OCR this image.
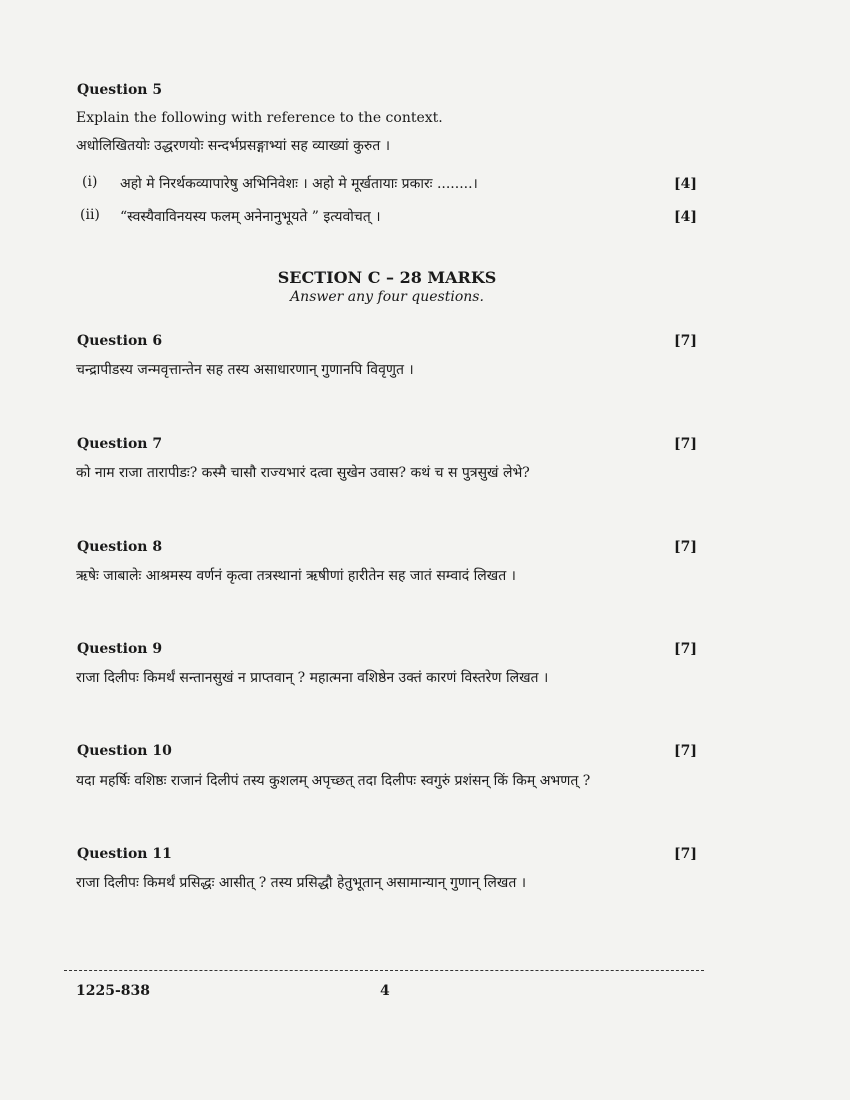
Question 5
Explain the following with reference to the context.
अधोलिखितयोः उद्धरणयोः सन्दर्भप्रसङ्गाभ्यां सह व्याख्यां कुरुत ।
(i) अहो मे निरर्थकव्यापारेषु अभिनिवेशः । अहो मे मूर्खतायाः प्रकारः ........।	[4]
(ii) “स्वस्यैवाविनयस्य फलम् अनेनानुभूयते ” इत्यवोचत् ।	[4]
SECTION C – 28 MARKS
Answer any four questions.
Question 6	[7]
चन्द्रापीडस्य जन्मवृत्तान्तेन सह तस्य असाधारणान् गुणानपि विवृणुत ।
Question 7	[7]
को नाम राजा तारापीडः? कस्मै चासौ राज्यभारं दत्वा सुखेन उवास? कथं च स पुत्रसुखं लेभे?
Question 8	[7]
ऋषेः जाबालेः आश्रमस्य वर्णनं कृत्वा तत्रस्थानां ऋषीणां हारीतेन सह जातं सम्वादं लिखत ।
Question 9	[7]
राजा दिलीपः किमर्थं सन्तानसुखं न प्राप्तवान् ? महात्मना वशिष्ठेन उक्तं कारणं विस्तरेण लिखत ।
Question 10	[7]
यदा महर्षिः वशिष्ठः राजानं दिलीपं तस्य कुशलम् अपृच्छत् तदा दिलीपः स्वगुरुं प्रशंसन् किं किम् अभणत् ?
Question 11	[7]
राजा दिलीपः किमर्थं प्रसिद्धः आसीत् ? तस्य प्रसिद्धौ हेतुभूतान् असामान्यान् गुणान् लिखत ।
1225-838	4
